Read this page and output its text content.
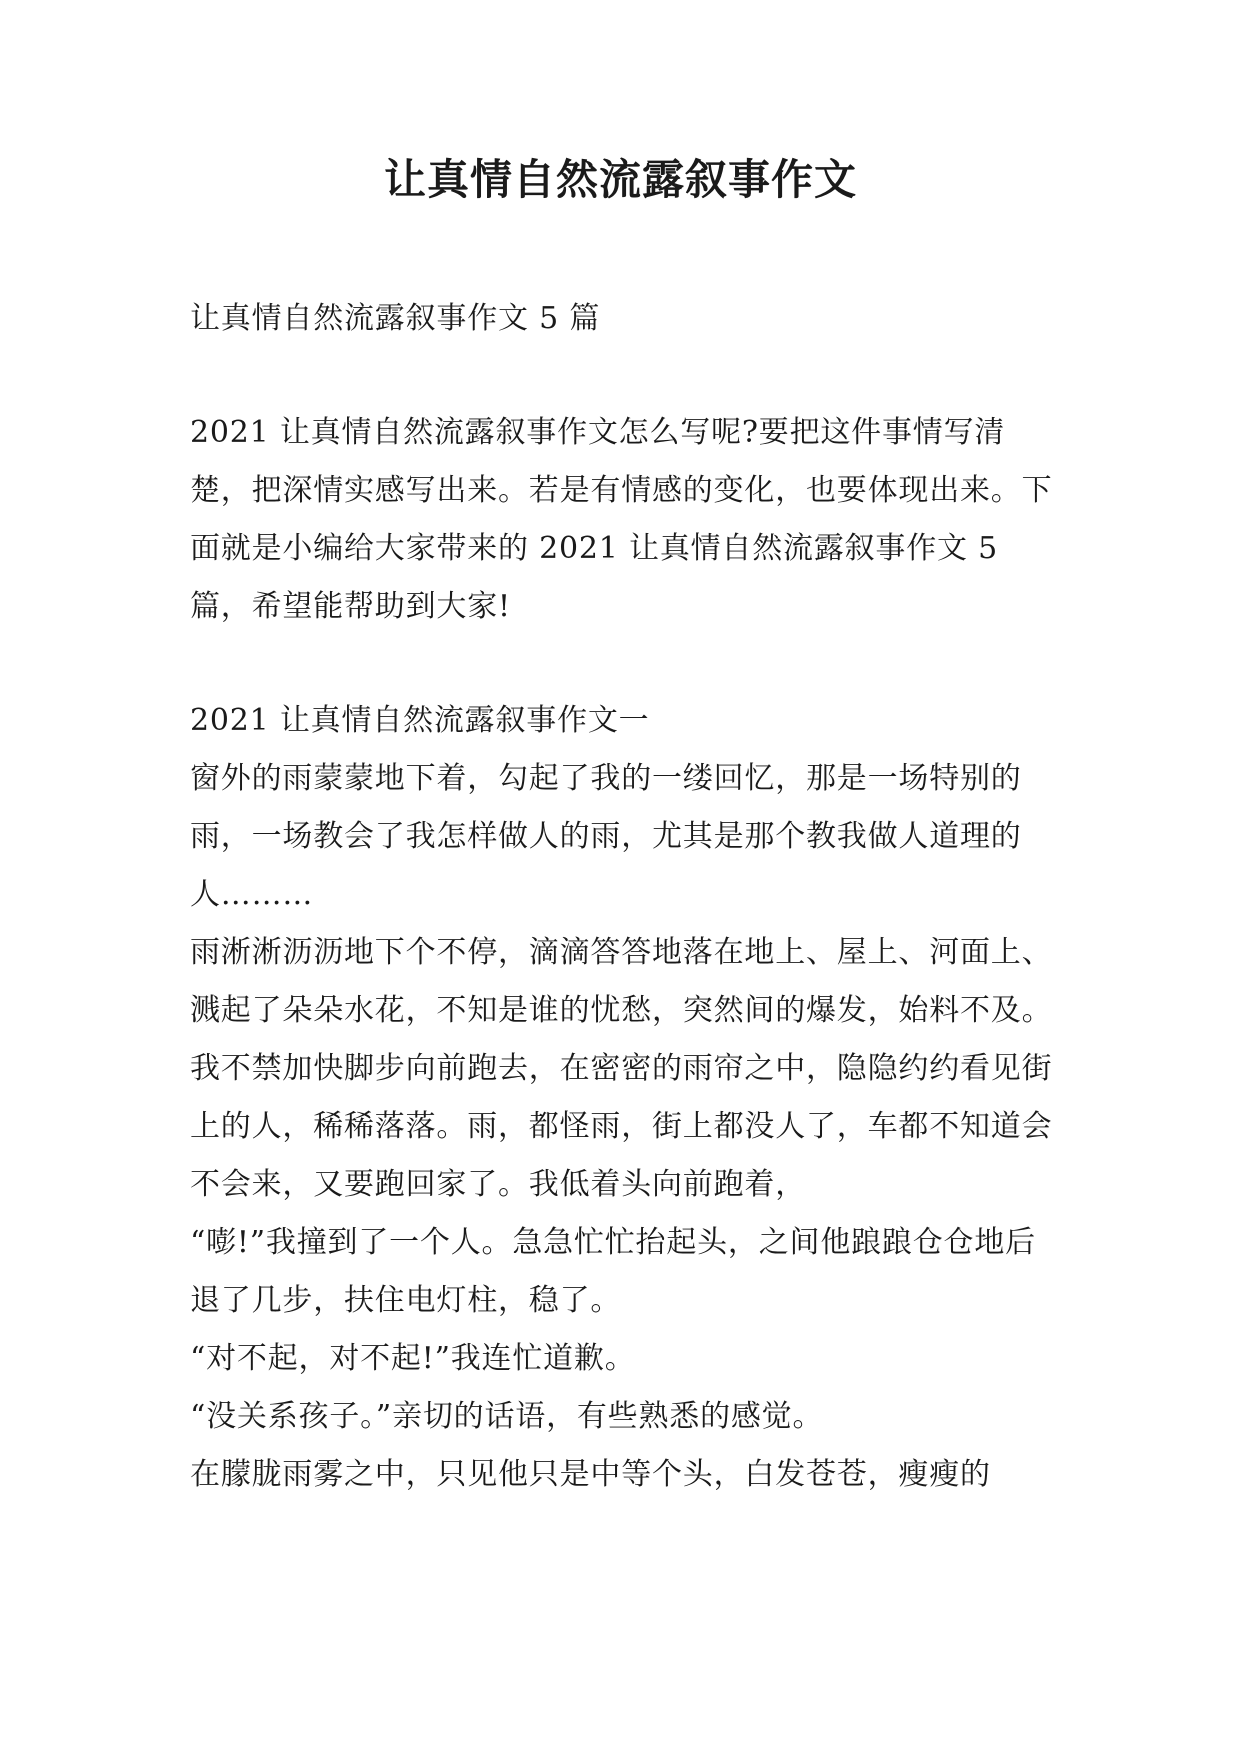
让真情自然流露叙事作文

让真情自然流露叙事作文 5 篇

2021 让真情自然流露叙事作文怎么写呢?要把这件事情写清楚，把深情实感写出来。若是有情感的变化，也要体现出来。下面就是小编给大家带来的 2021 让真情自然流露叙事作文 5 篇，希望能帮助到大家!

2021 让真情自然流露叙事作文一

窗外的雨蒙蒙地下着，勾起了我的一缕回忆，那是一场特别的雨，一场教会了我怎样做人的雨，尤其是那个教我做人道理的人………

雨淅淅沥沥地下个不停，滴滴答答地落在地上、屋上、河面上、溅起了朵朵水花，不知是谁的忧愁，突然间的爆发，始料不及。

我不禁加快脚步向前跑去，在密密的雨帘之中，隐隐约约看见街上的人，稀稀落落。雨，都怪雨，街上都没人了，车都不知道会不会来，又要跑回家了。我低着头向前跑着，

“嘭!”我撞到了一个人。急急忙忙抬起头，之间他踉踉仓仓地后退了几步，扶住电灯柱，稳了。

“对不起，对不起!”我连忙道歉。

“没关系孩子。”亲切的话语，有些熟悉的感觉。

在朦胧雨雾之中，只见他只是中等个头，白发苍苍，瘦瘦的
